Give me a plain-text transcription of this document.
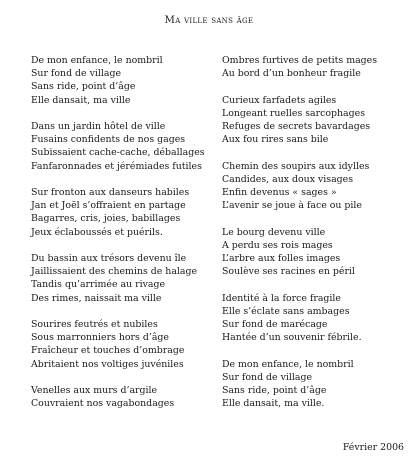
Ma ville sans âge
De mon enfance, le nombril
Sur fond de village
Sans ride, point d’âge
Elle dansait, ma ville
Dans un jardin hôtel de ville
Fusains confidents de nos gages
Subissaient cache-cache, déballages
Fanfaronnades et jérémiades futiles
Sur fronton aux danseurs habiles
Jan et Joël s’offraient en partage
Bagarres, cris, joies, babillages
Jeux éclaboussés et puérils.
Du bassin aux trésors devenu île
Jaillissaient des chemins de halage
Tandis qu’arrimée au rivage
Des rimes, naissait ma ville
Sourires feutrés et nubiles
Sous marronniers hors d’âge
Fraîcheur et touches d’ombrage
Abritaient nos voltiges juvéniles
Venelles aux murs d’argile
Couvraient nos vagabondages
Ombres furtives de petits mages
Au bord d’un bonheur fragile
Curieux farfadets agiles
Longeant ruelles sarcophages
Refuges de secrets bavardages
Aux fou rires sans bile
Chemin des soupirs aux idylles
Candides, aux doux visages
Enfin devenus « sages »
L’avenir se joue à face ou pile
Le bourg devenu ville
A perdu ses rois mages
L’arbre aux folles images
Soulève ses racines en péril
Identité à la force fragile
Elle s’éclate sans ambages
Sur fond de marécage
Hantée d’un souvenir fébrile.
De mon enfance, le nombril
Sur fond de village
Sans ride, point d’âge
Elle dansait, ma ville.
Février 2006
